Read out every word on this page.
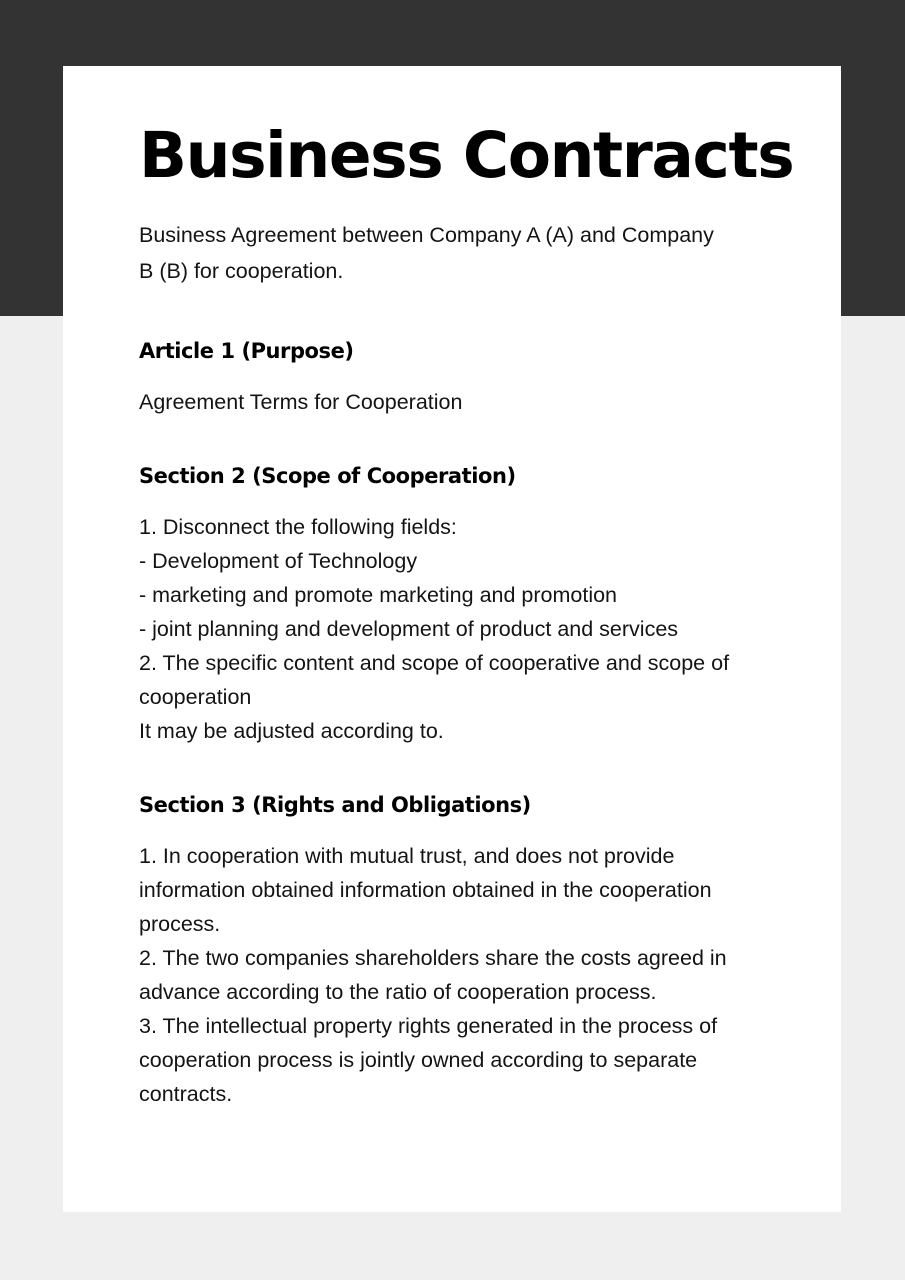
Business Contracts

Business Agreement between Company A (A) and Company B (B) for cooperation.

Article 1 (Purpose)
Agreement Terms for Cooperation
Section 2 (Scope of Cooperation)
1. Disconnect the following fields:
- Development of Technology
- marketing and promote marketing and promotion
- joint planning and development of product and services
2. The specific content and scope of cooperative and scope of cooperation
It may be adjusted according to.
Section 3 (Rights and Obligations)
1. In cooperation with mutual trust, and does not provide information obtained information obtained in the cooperation process.
2. The two companies shareholders share the costs agreed in advance according to the ratio of cooperation process.
3. The intellectual property rights generated in the process of cooperation process is jointly owned according to separate contracts.
